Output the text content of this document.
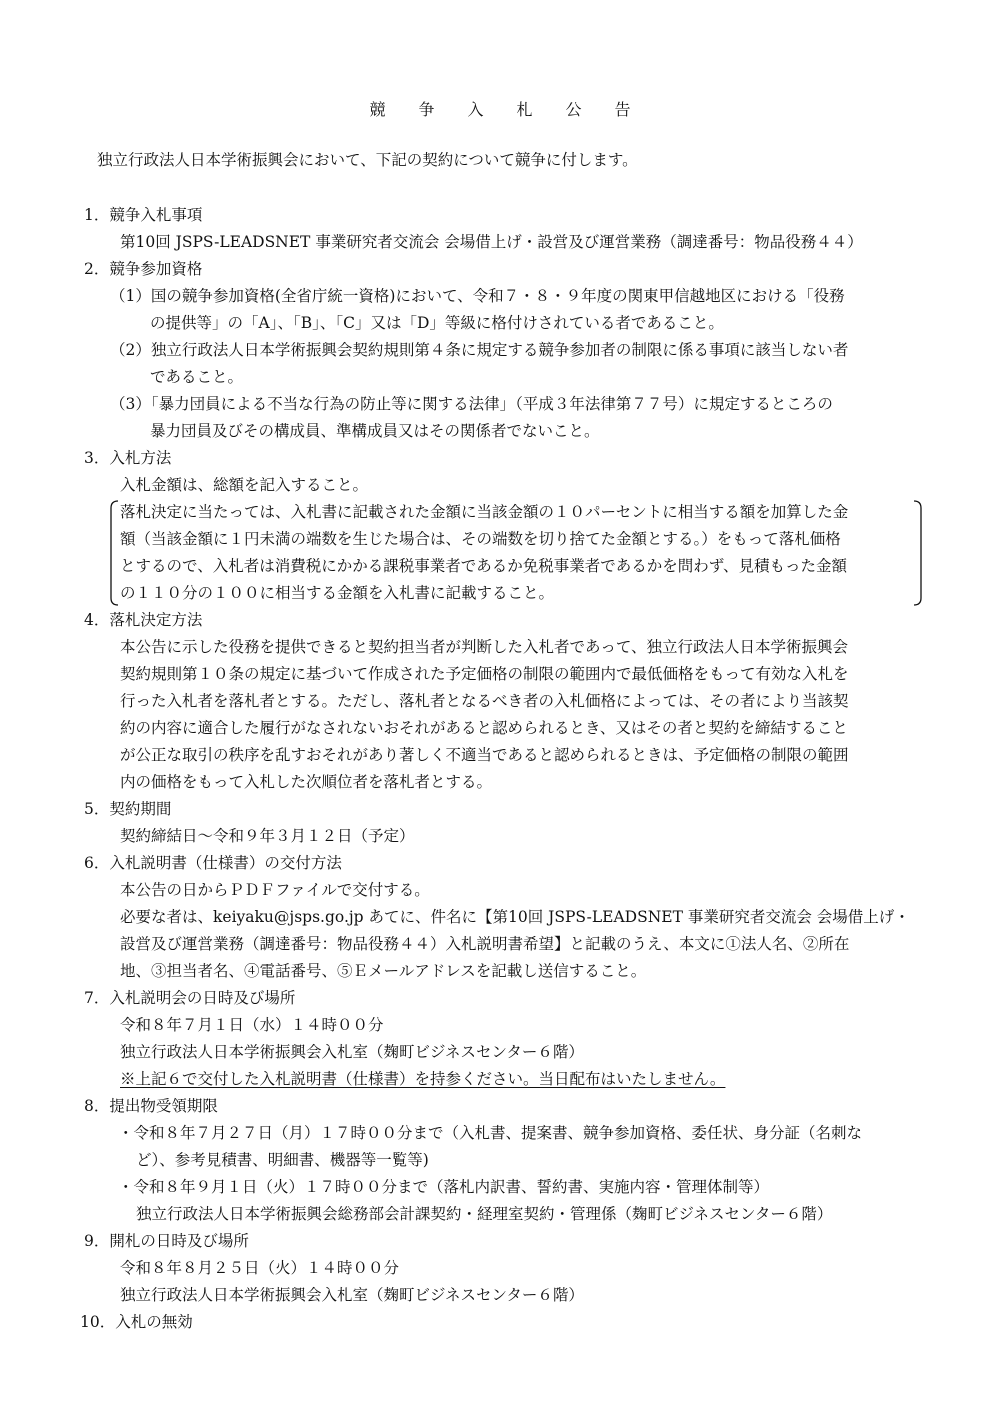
競争入札公告
独立行政法人日本学術振興会において、下記の契約について競争に付します。
1．競争入札事項
第10回 JSPS-LEADSNET 事業研究者交流会 会場借上げ・設営及び運営業務（調達番号：物品役務４４）
2．競争参加資格
（1）国の競争参加資格(全省庁統一資格)において、令和７・８・９年度の関東甲信越地区における「役務
の提供等」の「A」、「B」、「C」又は「D」等級に格付けされている者であること。
（2）独立行政法人日本学術振興会契約規則第４条に規定する競争参加者の制限に係る事項に該当しない者
であること。
（3）「暴力団員による不当な行為の防止等に関する法律」（平成３年法律第７７号）に規定するところの
暴力団員及びその構成員、準構成員又はその関係者でないこと。
3．入札方法
入札金額は、総額を記入すること。
落札決定に当たっては、入札書に記載された金額に当該金額の１０パーセントに相当する額を加算した金
額（当該金額に１円未満の端数を生じた場合は、その端数を切り捨てた金額とする。）をもって落札価格
とするので、入札者は消費税にかかる課税事業者であるか免税事業者であるかを問わず、見積もった金額
の１１０分の１００に相当する金額を入札書に記載すること。
4．落札決定方法
本公告に示した役務を提供できると契約担当者が判断した入札者であって、独立行政法人日本学術振興会
契約規則第１０条の規定に基づいて作成された予定価格の制限の範囲内で最低価格をもって有効な入札を
行った入札者を落札者とする。ただし、落札者となるべき者の入札価格によっては、その者により当該契
約の内容に適合した履行がなされないおそれがあると認められるとき、又はその者と契約を締結すること
が公正な取引の秩序を乱すおそれがあり著しく不適当であると認められるときは、予定価格の制限の範囲
内の価格をもって入札した次順位者を落札者とする。
5．契約期間
契約締結日～令和９年３月１２日（予定）
6．入札説明書（仕様書）の交付方法
本公告の日からＰＤＦファイルで交付する。
必要な者は、keiyaku@jsps.go.jp あてに、件名に【第10回 JSPS-LEADSNET 事業研究者交流会 会場借上げ・
設営及び運営業務（調達番号：物品役務４４）入札説明書希望】と記載のうえ、本文に①法人名、②所在
地、③担当者名、④電話番号、⑤Ｅメールアドレスを記載し送信すること。
7．入札説明会の日時及び場所
令和８年７月１日（水）１４時００分
独立行政法人日本学術振興会入札室（麹町ビジネスセンター６階）
※上記６で交付した入札説明書（仕様書）を持参ください。当日配布はいたしません。
8．提出物受領期限
・令和８年７月２７日（月）１７時００分まで（入札書、提案書、競争参加資格、委任状、身分証（名刺な
ど）、参考見積書、明細書、機器等一覧等)
・令和８年９月１日（火）１７時００分まで（落札内訳書、誓約書、実施内容・管理体制等）
独立行政法人日本学術振興会総務部会計課契約・経理室契約・管理係（麹町ビジネスセンター６階）
9．開札の日時及び場所
令和８年８月２５日（火）１４時００分
独立行政法人日本学術振興会入札室（麹町ビジネスセンター６階）
10．入札の無効
